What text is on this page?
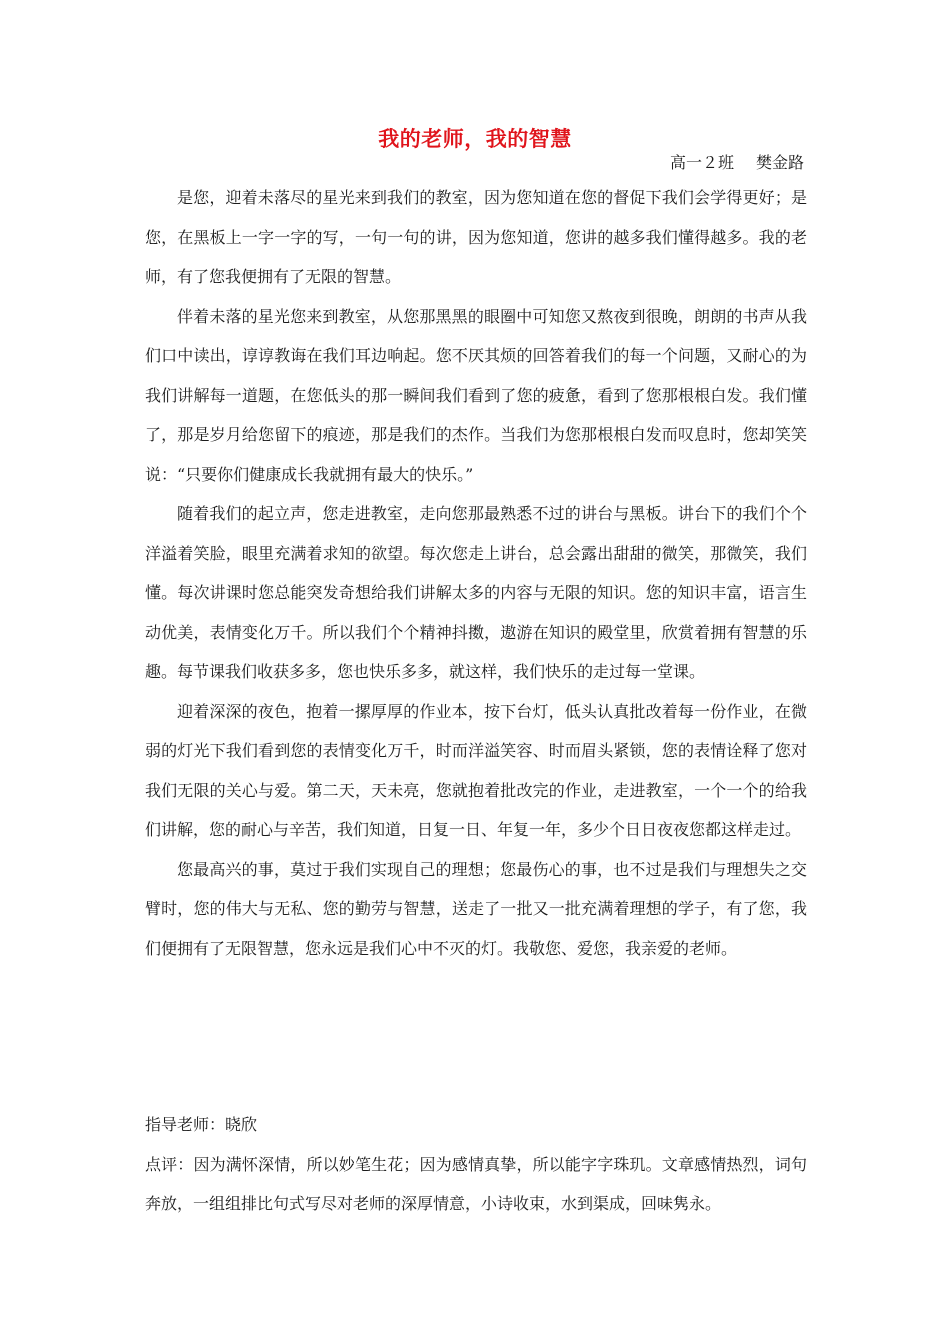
我的老师，我的智慧
高一２班 樊金路

是您，迎着未落尽的星光来到我们的教室，因为您知道在您的督促下我们会学得更好；是您，在黑板上一字一字的写，一句一句的讲，因为您知道，您讲的越多我们懂得越多。我的老师，有了您我便拥有了无限的智慧。

伴着未落的星光您来到教室，从您那黑黑的眼圈中可知您又熬夜到很晚，朗朗的书声从我们口中读出，谆谆教诲在我们耳边响起。您不厌其烦的回答着我们的每一个问题，又耐心的为我们讲解每一道题，在您低头的那一瞬间我们看到了您的疲惫，看到了您那根根白发。我们懂了，那是岁月给您留下的痕迹，那是我们的杰作。当我们为您那根根白发而叹息时，您却笑笑说：“只要你们健康成长我就拥有最大的快乐。”

随着我们的起立声，您走进教室，走向您那最熟悉不过的讲台与黑板。讲台下的我们个个洋溢着笑脸，眼里充满着求知的欲望。每次您走上讲台，总会露出甜甜的微笑，那微笑，我们懂。每次讲课时您总能突发奇想给我们讲解太多的内容与无限的知识。您的知识丰富，语言生动优美，表情变化万千。所以我们个个精神抖擞，遨游在知识的殿堂里，欣赏着拥有智慧的乐趣。每节课我们收获多多，您也快乐多多，就这样，我们快乐的走过每一堂课。

迎着深深的夜色，抱着一摞厚厚的作业本，按下台灯，低头认真批改着每一份作业，在微弱的灯光下我们看到您的表情变化万千，时而洋溢笑容、时而眉头紧锁，您的表情诠释了您对我们无限的关心与爱。第二天，天未亮，您就抱着批改完的作业，走进教室，一个一个的给我们讲解，您的耐心与辛苦，我们知道，日复一日、年复一年，多少个日日夜夜您都这样走过。

您最高兴的事，莫过于我们实现自己的理想；您最伤心的事，也不过是我们与理想失之交臂时，您的伟大与无私、您的勤劳与智慧，送走了一批又一批充满着理想的学子，有了您，我们便拥有了无限智慧，您永远是我们心中不灭的灯。我敬您、爱您，我亲爱的老师。

指导老师：晓欣

点评：因为满怀深情，所以妙笔生花；因为感情真挚，所以能字字珠玑。文章感情热烈，词句奔放，一组组排比句式写尽对老师的深厚情意，小诗收束，水到渠成，回味隽永。
